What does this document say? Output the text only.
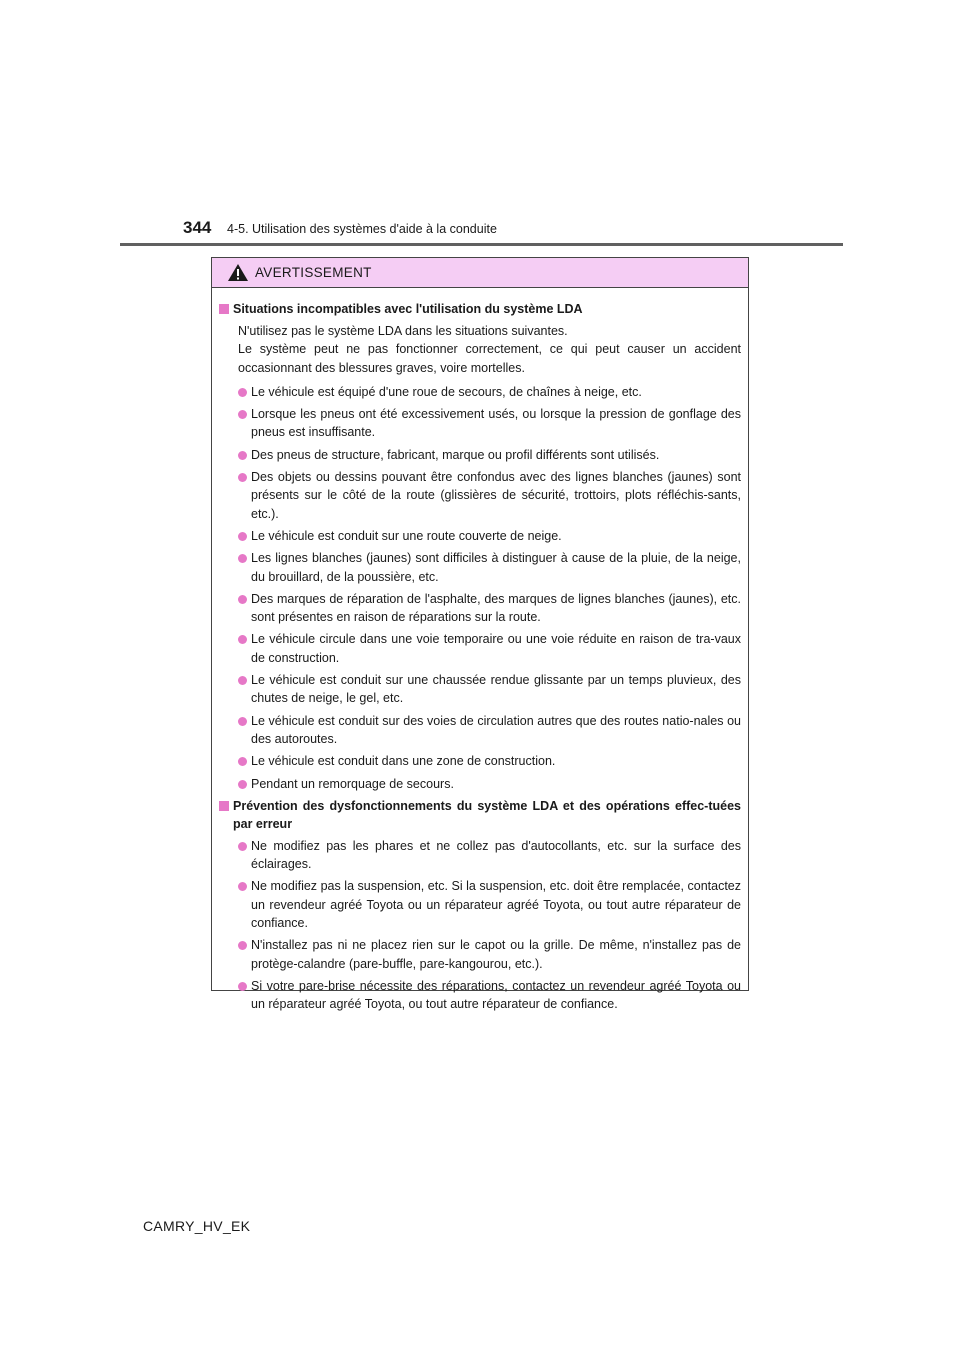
344 4-5. Utilisation des systèmes d'aide à la conduite
AVERTISSEMENT
Situations incompatibles avec l'utilisation du système LDA
N'utilisez pas le système LDA dans les situations suivantes.
Le système peut ne pas fonctionner correctement, ce qui peut causer un accident occasionnant des blessures graves, voire mortelles.
Le véhicule est équipé d'une roue de secours, de chaînes à neige, etc.
Lorsque les pneus ont été excessivement usés, ou lorsque la pression de gonflage des pneus est insuffisante.
Des pneus de structure, fabricant, marque ou profil différents sont utilisés.
Des objets ou dessins pouvant être confondus avec des lignes blanches (jaunes) sont présents sur le côté de la route (glissières de sécurité, trottoirs, plots réfléchis-sants, etc.).
Le véhicule est conduit sur une route couverte de neige.
Les lignes blanches (jaunes) sont difficiles à distinguer à cause de la pluie, de la neige, du brouillard, de la poussière, etc.
Des marques de réparation de l'asphalte, des marques de lignes blanches (jaunes), etc. sont présentes en raison de réparations sur la route.
Le véhicule circule dans une voie temporaire ou une voie réduite en raison de tra-vaux de construction.
Le véhicule est conduit sur une chaussée rendue glissante par un temps pluvieux, des chutes de neige, le gel, etc.
Le véhicule est conduit sur des voies de circulation autres que des routes natio-nales ou des autoroutes.
Le véhicule est conduit dans une zone de construction.
Pendant un remorquage de secours.
Prévention des dysfonctionnements du système LDA et des opérations effec-tuées par erreur
Ne modifiez pas les phares et ne collez pas d'autocollants, etc. sur la surface des éclairages.
Ne modifiez pas la suspension, etc. Si la suspension, etc. doit être remplacée, contactez un revendeur agréé Toyota ou un réparateur agréé Toyota, ou tout autre réparateur de confiance.
N'installez pas ni ne placez rien sur le capot ou la grille. De même, n'installez pas de protège-calandre (pare-buffle, pare-kangourou, etc.).
Si votre pare-brise nécessite des réparations, contactez un revendeur agréé Toyota ou un réparateur agréé Toyota, ou tout autre réparateur de confiance.
CAMRY_HV_EK
